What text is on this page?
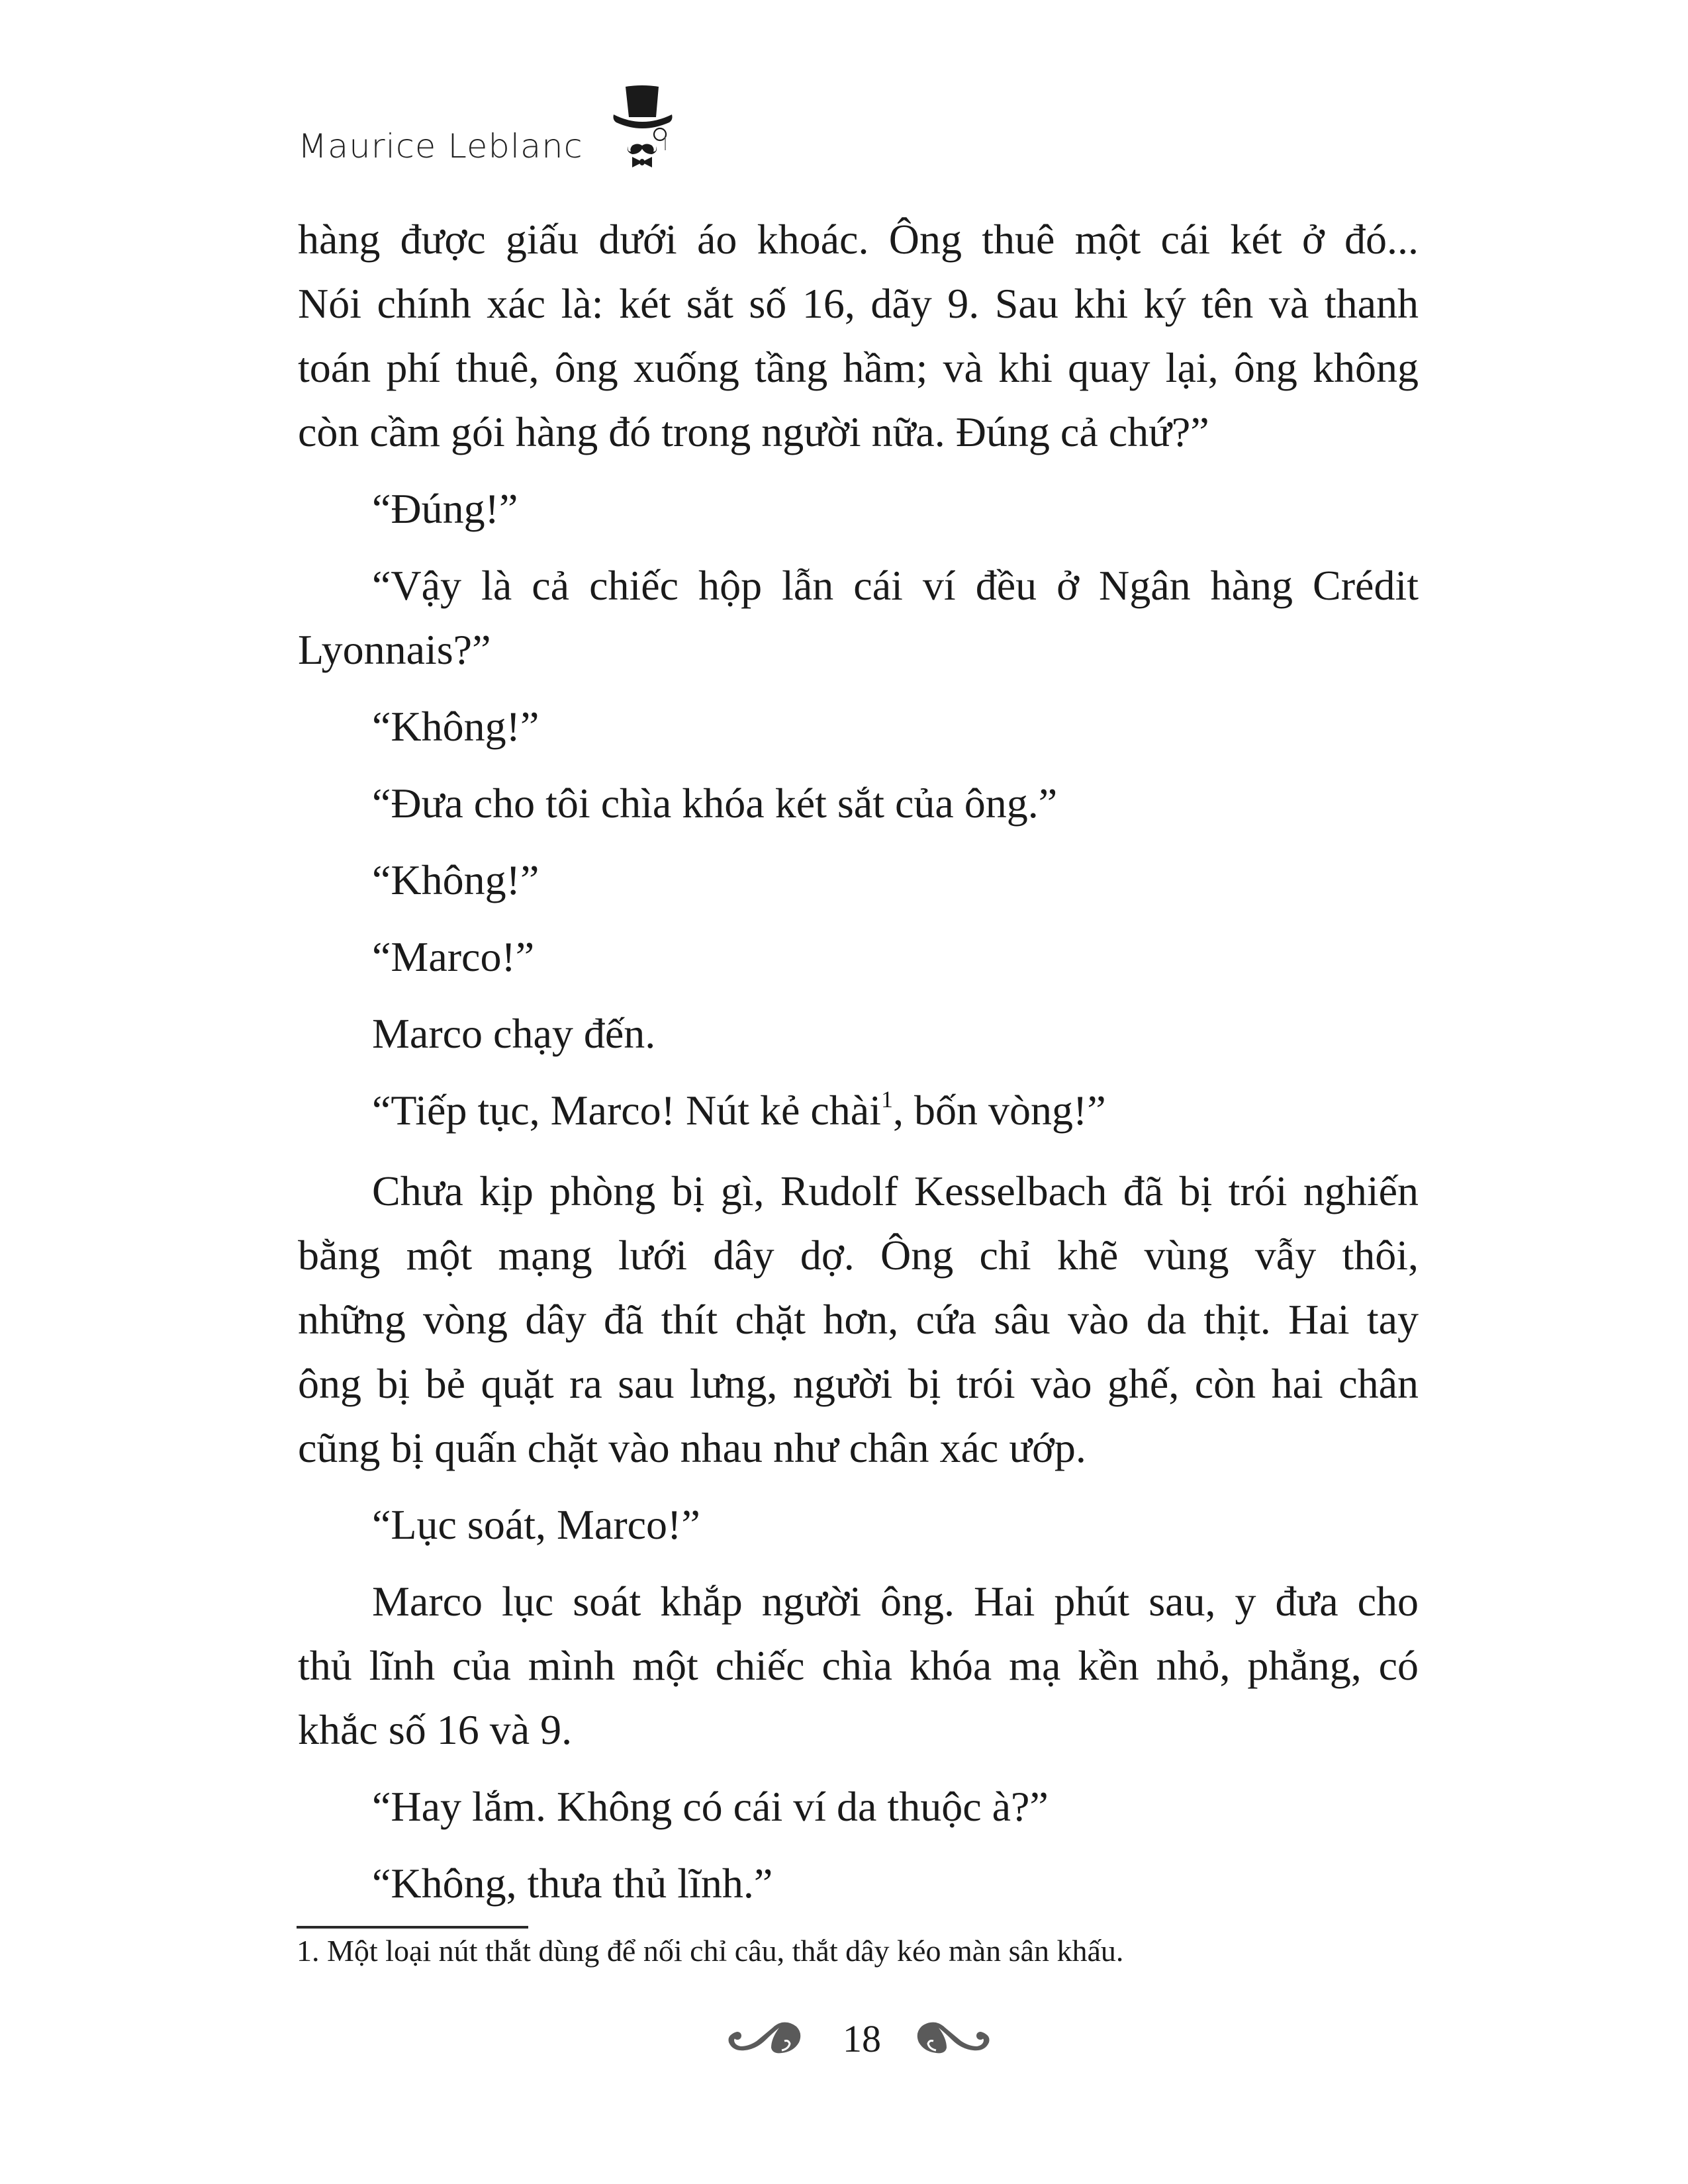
Maurice Leblanc
hàng được giấu dưới áo khoác. Ông thuê một cái két ở đó...
Nói chính xác là: két sắt số 16, dãy 9. Sau khi ký tên và thanh
toán phí thuê, ông xuống tầng hầm; và khi quay lại, ông không
còn cầm gói hàng đó trong người nữa. Đúng cả chứ?”
“Đúng!”
“Vậy là cả chiếc hộp lẫn cái ví đều ở Ngân hàng Crédit
Lyonnais?”
“Không!”
“Đưa cho tôi chìa khóa két sắt của ông.”
“Không!”
“Marco!”
Marco chạy đến.
“Tiếp tục, Marco! Nút kẻ chài$^1$, bốn vòng!”
Chưa kịp phòng bị gì, Rudolf Kesselbach đã bị trói nghiến
bằng một mạng lưới dây dợ. Ông chỉ khẽ vùng vẫy thôi,
những vòng dây đã thít chặt hơn, cứa sâu vào da thịt. Hai tay
ông bị bẻ quặt ra sau lưng, người bị trói vào ghế, còn hai chân
cũng bị quấn chặt vào nhau như chân xác ướp.
“Lục soát, Marco!”
Marco lục soát khắp người ông. Hai phút sau, y đưa cho
thủ lĩnh của mình một chiếc chìa khóa mạ kền nhỏ, phẳng, có
khắc số 16 và 9.
“Hay lắm. Không có cái ví da thuộc à?”
“Không, thưa thủ lĩnh.”
1. Một loại nút thắt dùng để nối chỉ câu, thắt dây kéo màn sân khấu.
18
